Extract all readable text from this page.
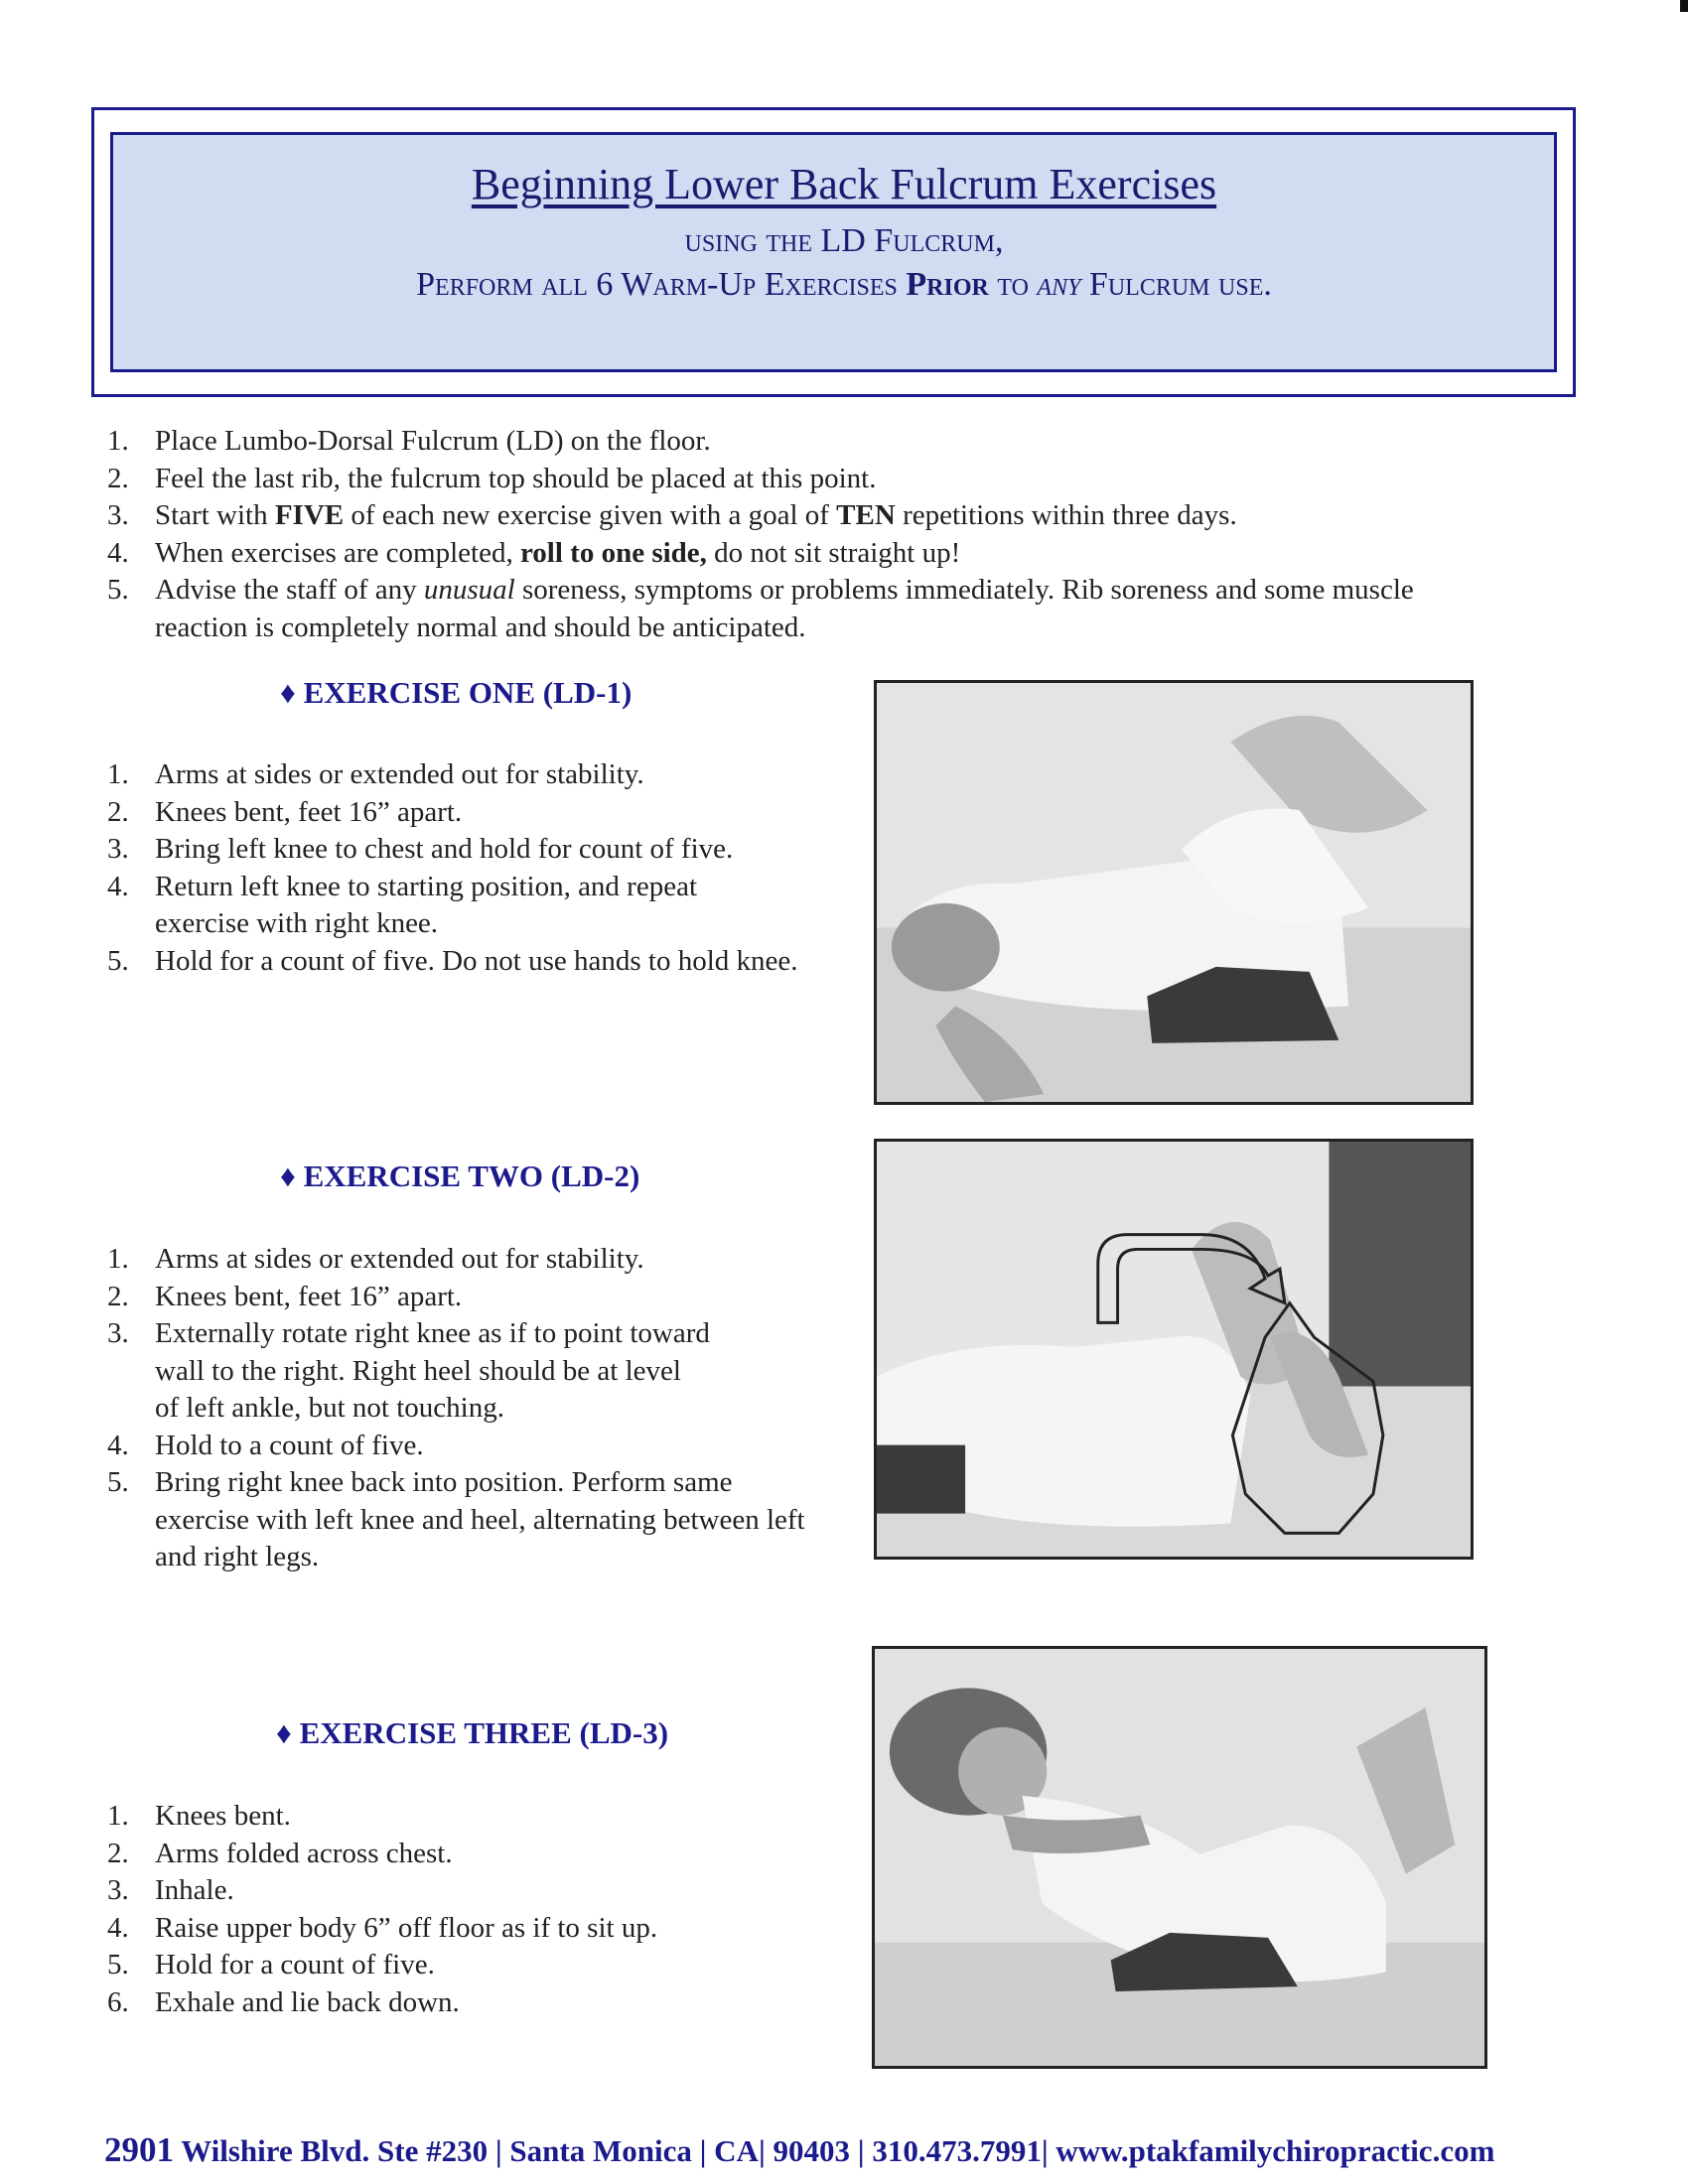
Beginning Lower Back Fulcrum Exercises
using the LD Fulcrum,
Perform all 6 Warm-Up Exercises Prior to any Fulcrum use.
1. Place Lumbo-Dorsal Fulcrum (LD) on the floor.
2. Feel the last rib, the fulcrum top should be placed at this point.
3. Start with FIVE of each new exercise given with a goal of TEN repetitions within three days.
4. When exercises are completed, roll to one side, do not sit straight up!
5. Advise the staff of any unusual soreness, symptoms or problems immediately. Rib soreness and some muscle reaction is completely normal and should be anticipated.
♦ EXERCISE ONE (LD-1)
1. Arms at sides or extended out for stability.
2. Knees bent, feet 16” apart.
3. Bring left knee to chest and hold for count of five.
4. Return left knee to starting position, and repeat exercise with right knee.
5. Hold for a count of five. Do not use hands to hold knee.
♦ EXERCISE TWO (LD-2)
1. Arms at sides or extended out for stability.
2. Knees bent, feet 16” apart.
3. Externally rotate right knee as if to point toward wall to the right. Right heel should be at level of left ankle, but not touching.
4. Hold to a count of five.
5. Bring right knee back into position. Perform same exercise with left knee and heel, alternating between left and right legs.
♦ EXERCISE THREE (LD-3)
1. Knees bent.
2. Arms folded across chest.
3. Inhale.
4. Raise upper body 6” off floor as if to sit up.
5. Hold for a count of five.
6. Exhale and lie back down.
2901 Wilshire Blvd. Ste #230 | Santa Monica | CA| 90403 | 310.473.7991| www.ptakfamilychiropractic.com
